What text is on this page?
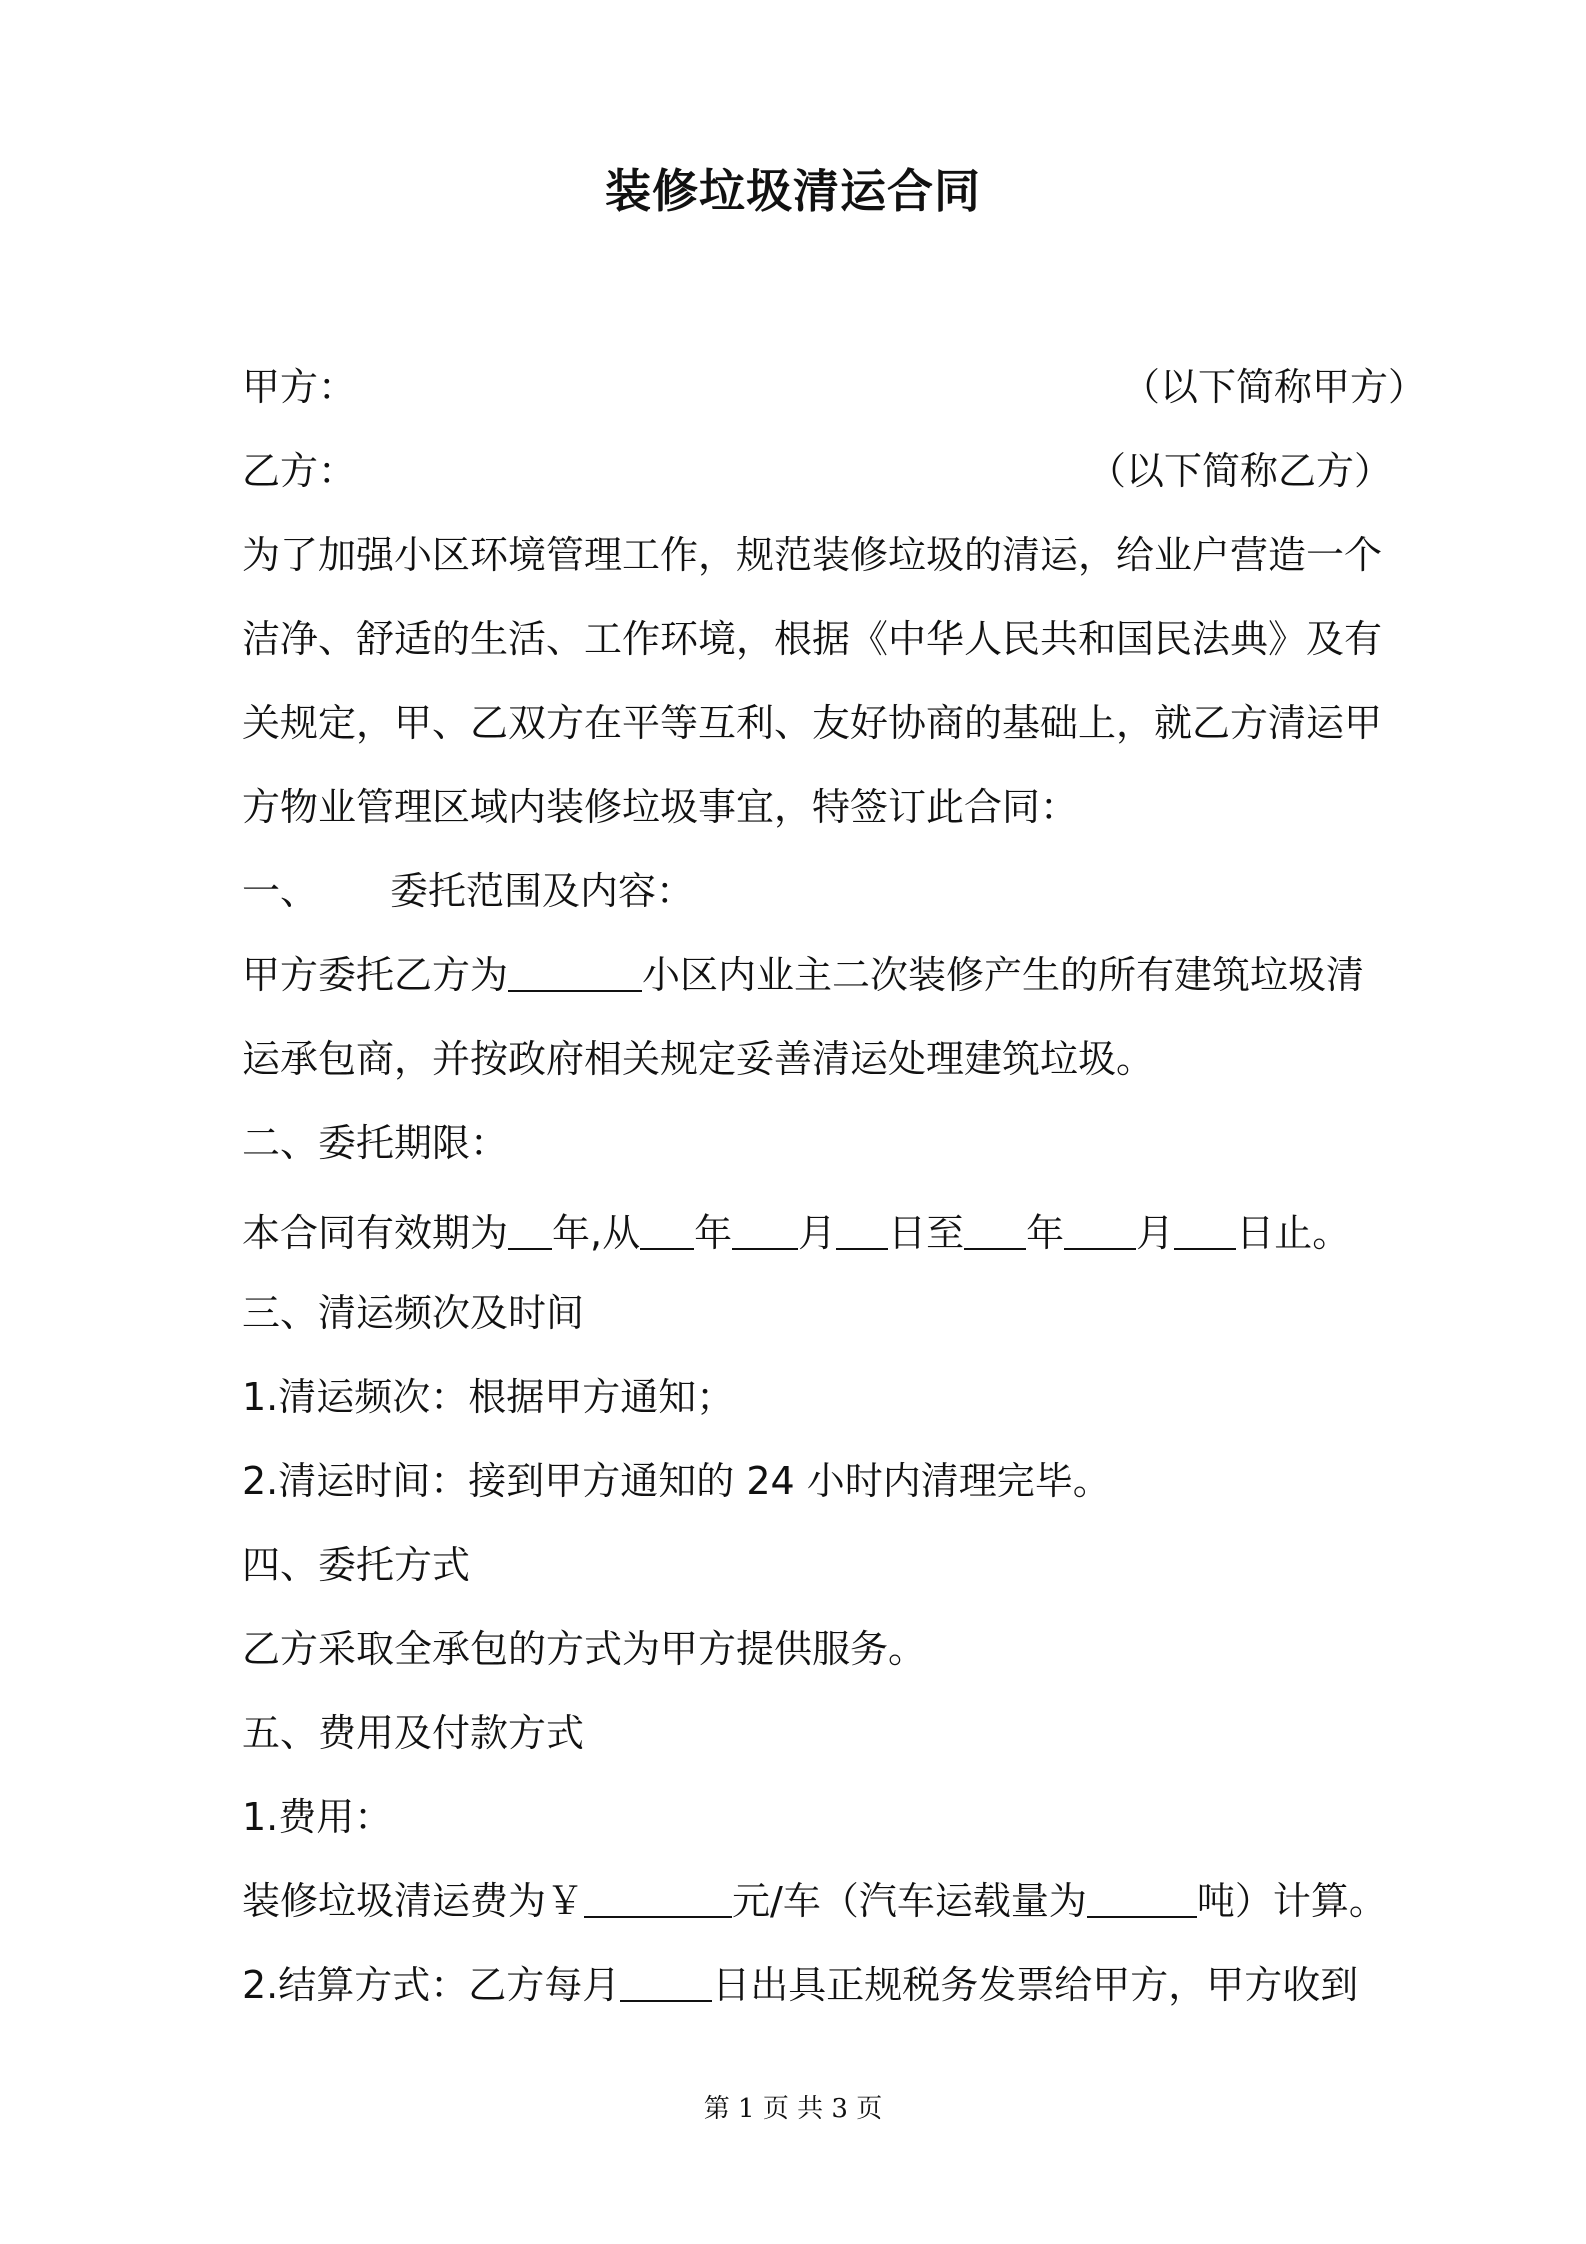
装修垃圾清运合同
甲方：	（以下简称甲方）
乙方：	（以下简称乙方）
为了加强小区环境管理工作，规范装修垃圾的清运，给业户营造一个
洁净、舒适的生活、工作环境，根据《中华人民共和国民法典》及有
关规定，甲、乙双方在平等互利、友好协商的基础上，就乙方清运甲
方物业管理区域内装修垃圾事宜，特签订此合同：
一、 委托范围及内容：
甲方委托乙方为	小区内业主二次装修产生的所有建筑垃圾清
运承包商，并按政府相关规定妥善清运处理建筑垃圾。
二、委托期限：
本合同有效期为 年,从 年 月 日至 年 月 日止。
三、清运频次及时间
1.清运频次：根据甲方通知；
2.清运时间：接到甲方通知的 24 小时内清理完毕。
四、委托方式
乙方采取全承包的方式为甲方提供服务。
五、费用及付款方式
1.费用：
装修垃圾清运费为￥	元/车（汽车运载量为	吨）计算。
2.结算方式：乙方每月 日出具正规税务发票给甲方，甲方收到
第 1 页 共 3 页
